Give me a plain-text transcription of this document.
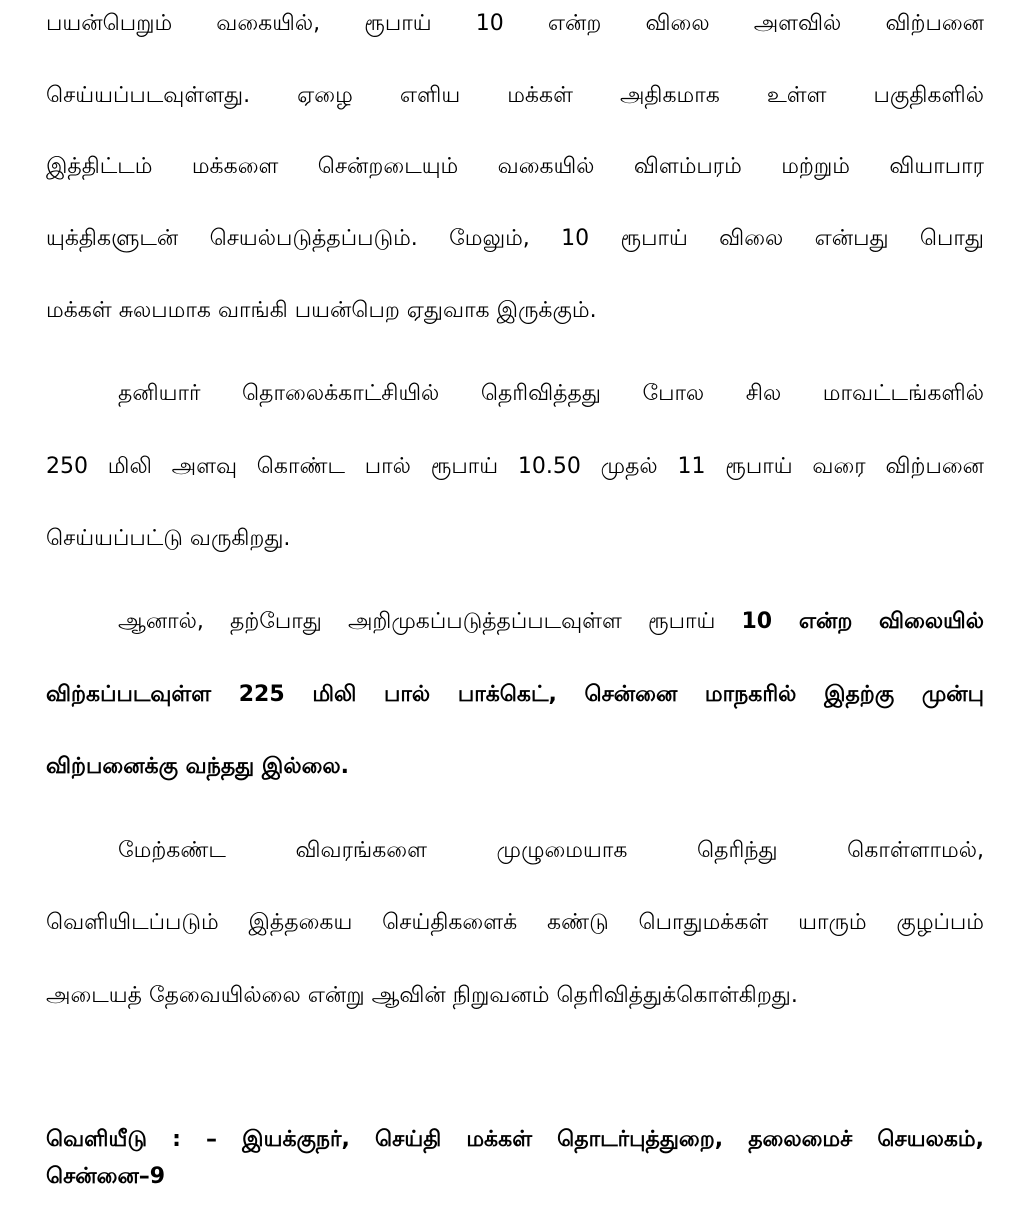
பயன்பெறும் வகையில், ரூபாய் 10 என்ற விலை அளவில் விற்பனை
செய்யப்படவுள்ளது. ஏழை எளிய மக்கள் அதிகமாக உள்ள பகுதிகளில்
இத்திட்டம் மக்களை சென்றடையும் வகையில் விளம்பரம் மற்றும் வியாபார
யுக்திகளுடன் செயல்படுத்தப்படும். மேலும், 10 ரூபாய் விலை என்பது பொது
மக்கள் சுலபமாக வாங்கி பயன்பெற ஏதுவாக இருக்கும்.
தனியார் தொலைக்காட்சியில் தெரிவித்தது போல சில மாவட்டங்களில்
250 மிலி அளவு கொண்ட பால் ரூபாய் 10.50 முதல் 11 ரூபாய் வரை விற்பனை
செய்யப்பட்டு வருகிறது.
ஆனால், தற்போது அறிமுகப்படுத்தப்படவுள்ள ரூபாய் 10 என்ற விலையில்
விற்கப்படவுள்ள 225 மிலி பால் பாக்கெட், சென்னை மாநகரில் இதற்கு முன்பு
விற்பனைக்கு வந்தது இல்லை.
மேற்கண்ட விவரங்களை முழுமையாக தெரிந்து கொள்ளாமல்,
வெளியிடப்படும் இத்தகைய செய்திகளைக் கண்டு பொதுமக்கள் யாரும் குழப்பம்
அடையத் தேவையில்லை என்று ஆவின் நிறுவனம் தெரிவித்துக்கொள்கிறது.
வெளியீடு : – இயக்குநர், செய்தி மக்கள் தொடர்புத்துறை, தலைமைச் செயலகம்,
சென்னை–9
